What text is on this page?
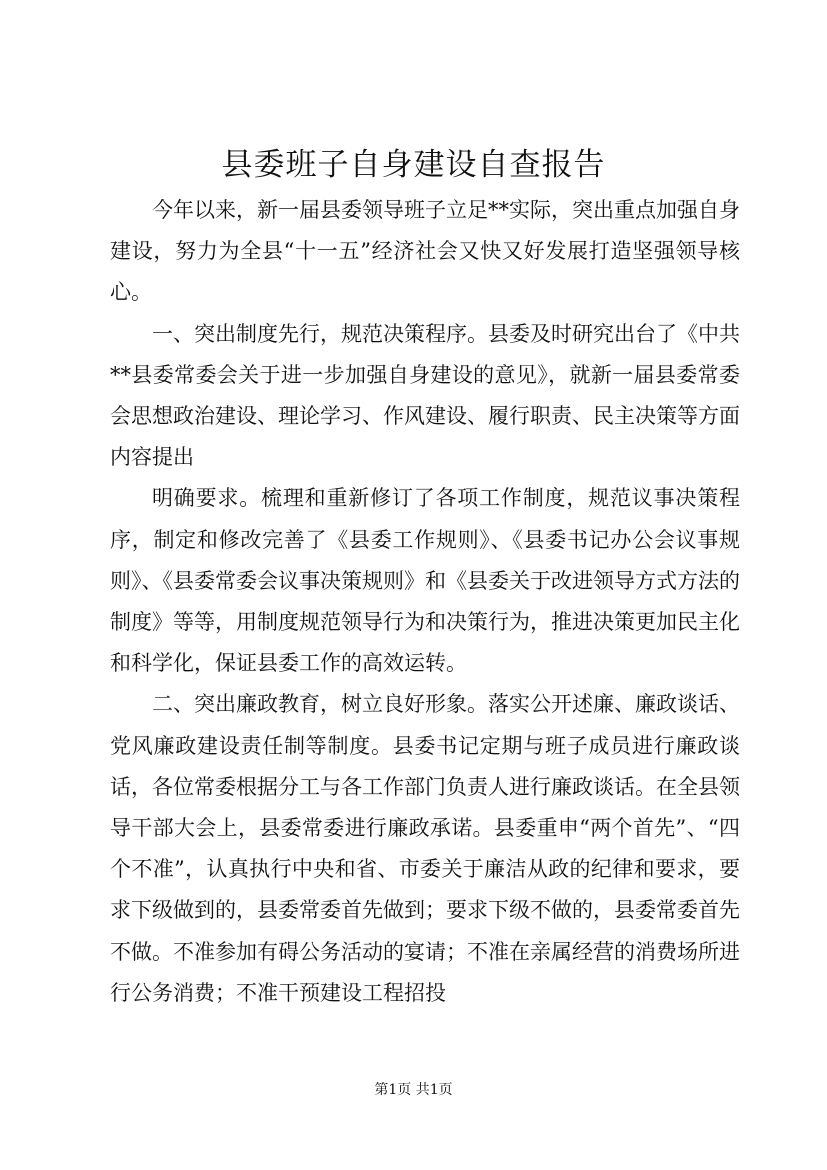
县委班子自身建设自查报告

今年以来，新一届县委领导班子立足**实际，突出重点加强自身建设，努力为全县“十一五”经济社会又快又好发展打造坚强领导核心。

一、突出制度先行，规范决策程序。县委及时研究出台了《中共**县委常委会关于进一步加强自身建设的意见》，就新一届县委常委会思想政治建设、理论学习、作风建设、履行职责、民主决策等方面内容提出

明确要求。梳理和重新修订了各项工作制度，规范议事决策程序，制定和修改完善了《县委工作规则》、《县委书记办公会议事规则》、《县委常委会议事决策规则》和《县委关于改进领导方式方法的制度》等等，用制度规范领导行为和决策行为，推进决策更加民主化和科学化，保证县委工作的高效运转。

二、突出廉政教育，树立良好形象。落实公开述廉、廉政谈话、党风廉政建设责任制等制度。县委书记定期与班子成员进行廉政谈话，各位常委根据分工与各工作部门负责人进行廉政谈话。在全县领导干部大会上，县委常委进行廉政承诺。县委重申“两个首先”、“四个不准”，认真执行中央和省、市委关于廉洁从政的纪律和要求，要求下级做到的，县委常委首先做到；要求下级不做的，县委常委首先不做。不准参加有碍公务活动的宴请；不准在亲属经营的消费场所进行公务消费；不准干预建设工程招投

第1页 共1页
